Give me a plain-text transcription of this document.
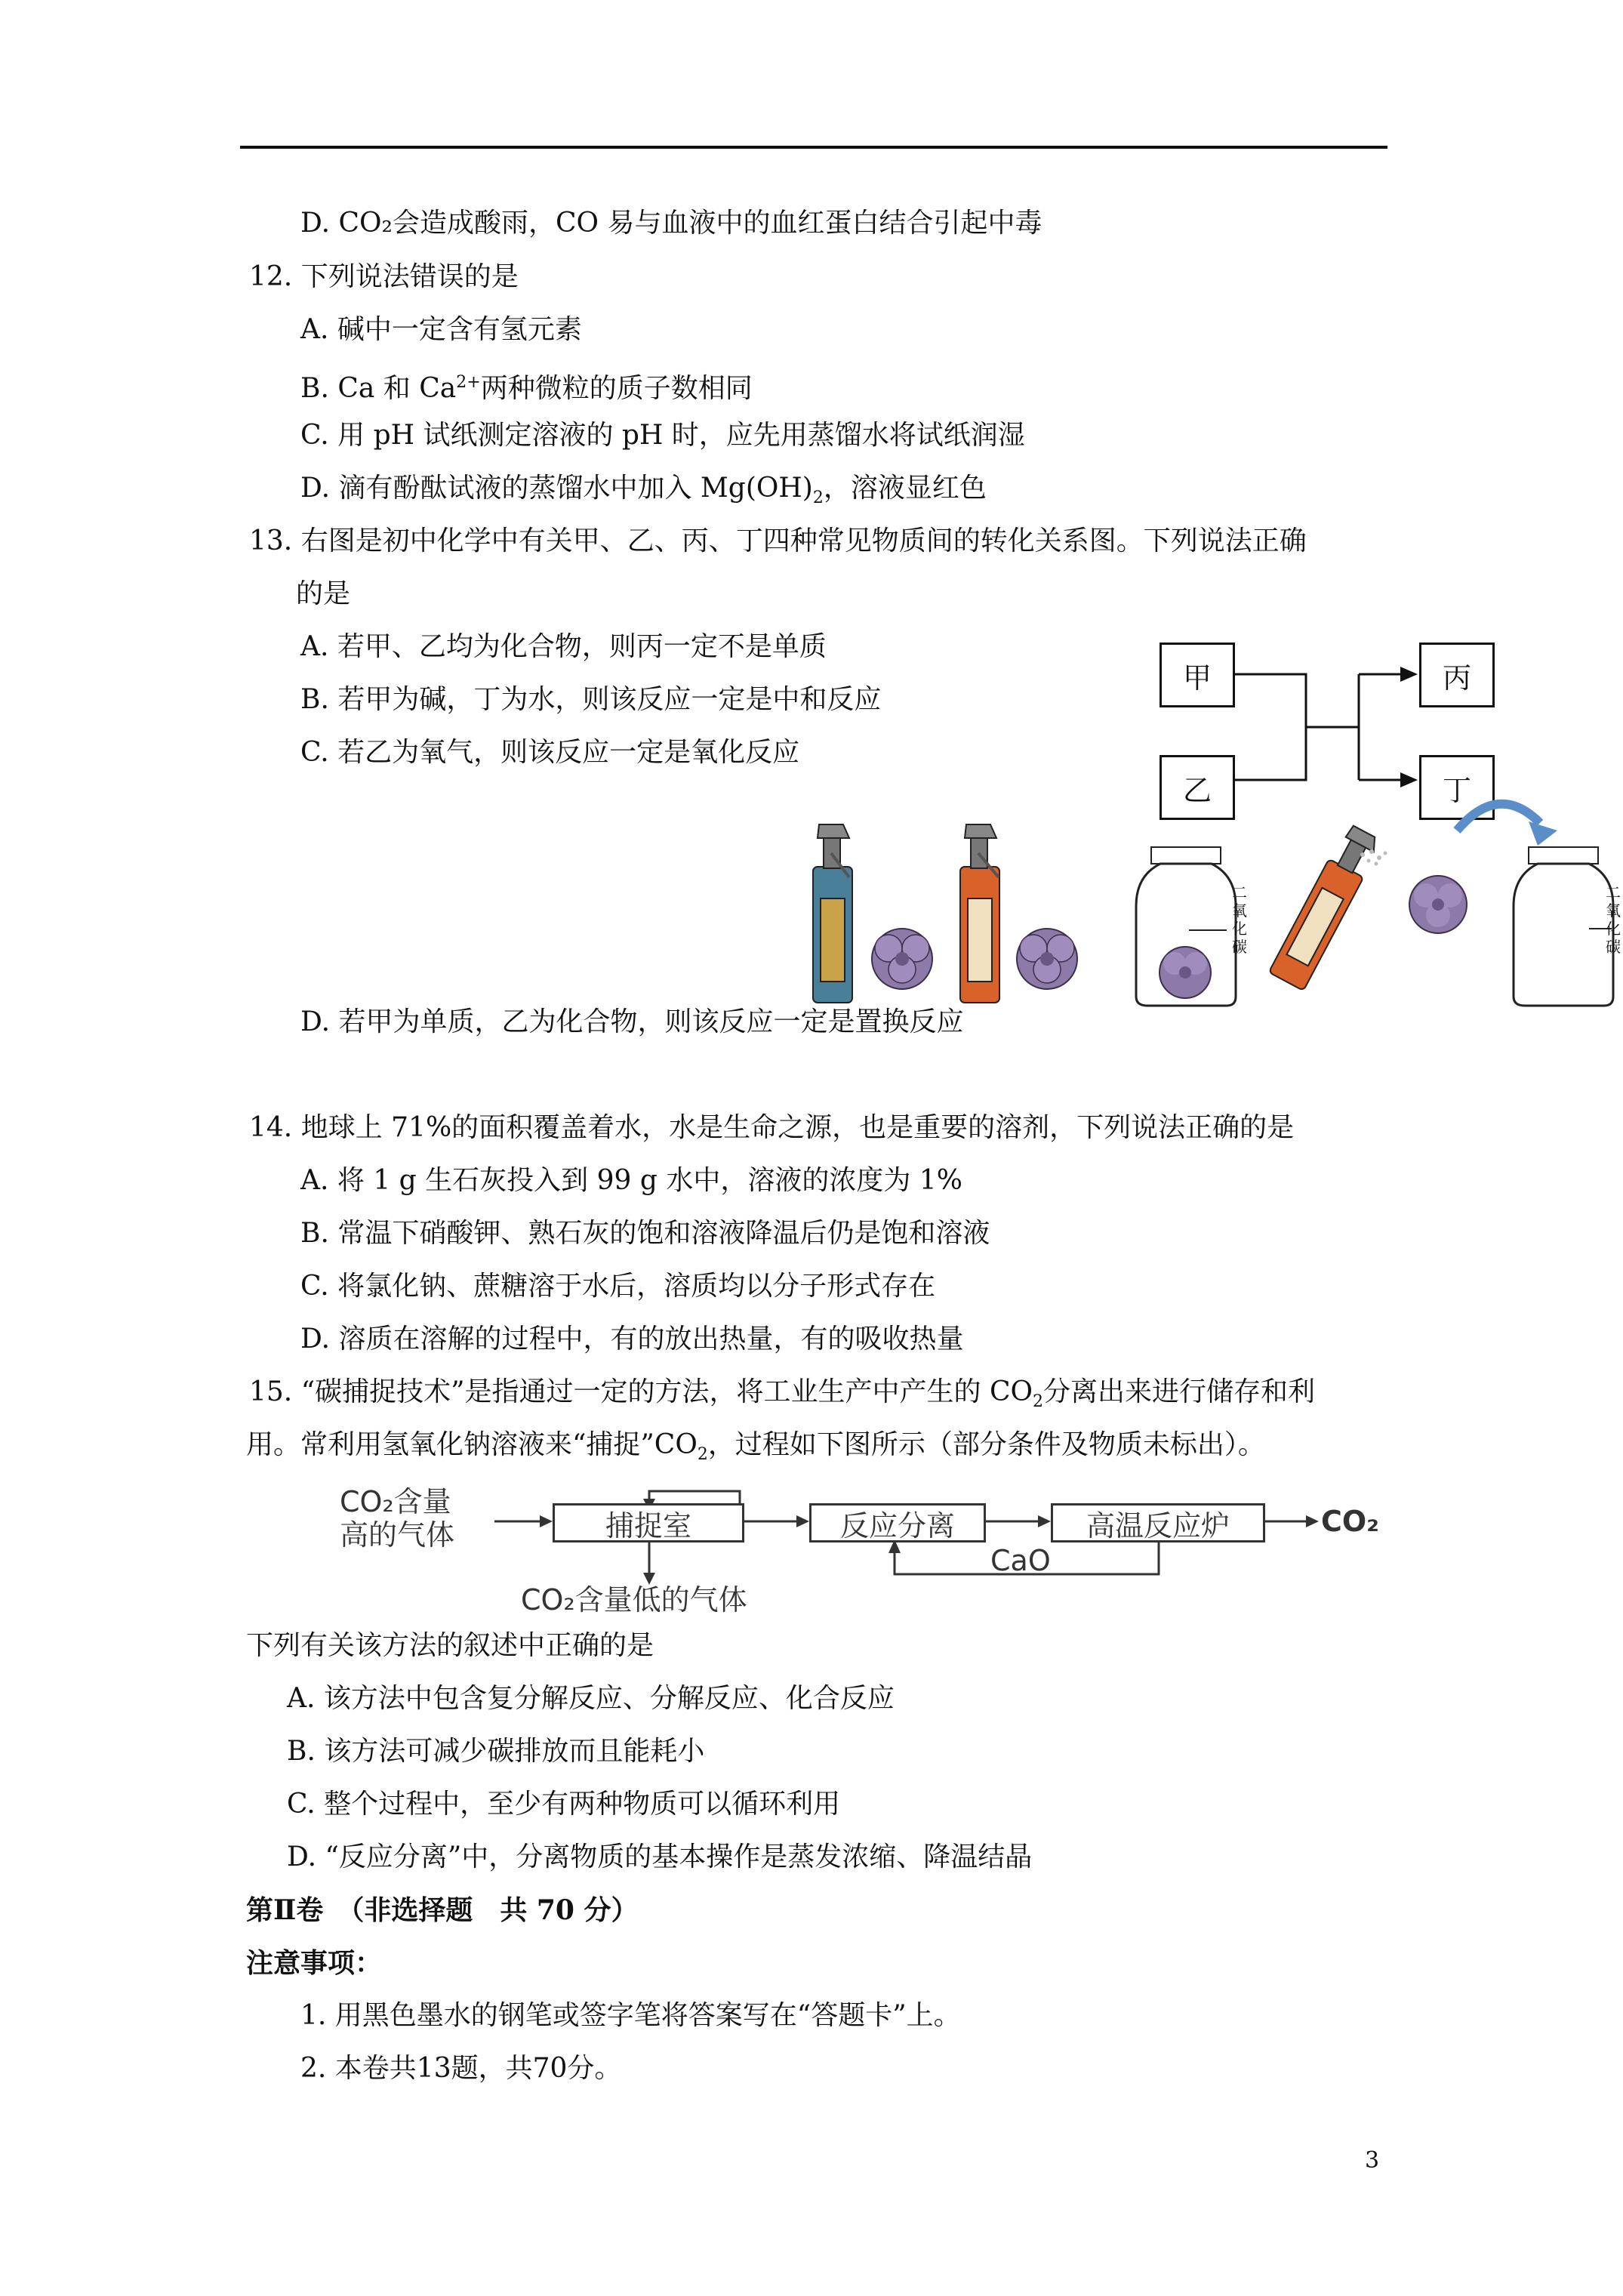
D. CO₂会造成酸雨，CO 易与血液中的血红蛋白结合引起中毒
12. 下列说法错误的是
A. 碱中一定含有氢元素
B. Ca 和 $Ca^{2+}$两种微粒的质子数相同
C. 用 pH 试纸测定溶液的 pH 时，应先用蒸馏水将试纸润湿
D. 滴有酚酞试液的蒸馏水中加入 $Mg(OH)_2$，溶液显红色
13. 右图是初中化学中有关甲、乙、丙、丁四种常见物质间的转化关系图。下列说法正确
的是
A. 若甲、乙均为化合物，则丙一定不是单质
B. 若甲为碱，丁为水，则该反应一定是中和反应
C. 若乙为氧气，则该反应一定是氧化反应
甲
乙
丙
丁
二氧化碳
二氧化碳
D. 若甲为单质，乙为化合物，则该反应一定是置换反应
14. 地球上 71%的面积覆盖着水，水是生命之源，也是重要的溶剂，下列说法正确的是
A. 将 1 g 生石灰投入到 99 g 水中，溶液的浓度为 1%
B. 常温下硝酸钾、熟石灰的饱和溶液降温后仍是饱和溶液
C. 将氯化钠、蔗糖溶于水后，溶质均以分子形式存在
D. 溶质在溶解的过程中，有的放出热量，有的吸收热量
15. “碳捕捉技术”是指通过一定的方法，将工业生产中产生的 $CO_2$分离出来进行储存和利
用。常利用氢氧化钠溶液来“捕捉$”CO_2$，过程如下图所示（部分条件及物质未标出）。
CO₂含量
高的气体	捕捉室	反应分离	高温反应炉	CO₂
CaO
CO₂含量低的气体
下列有关该方法的叙述中正确的是
A. 该方法中包含复分解反应、分解反应、化合反应
B. 该方法可减少碳排放而且能耗小
C. 整个过程中，至少有两种物质可以循环利用
D. “反应分离”中，分离物质的基本操作是蒸发浓缩、降温结晶
第Ⅱ卷　（非选择题　共 70 分）
注意事项：
1. 用黑色墨水的钢笔或签字笔将答案写在“答题卡”上。
2. 本卷共13题，共70分。
3
